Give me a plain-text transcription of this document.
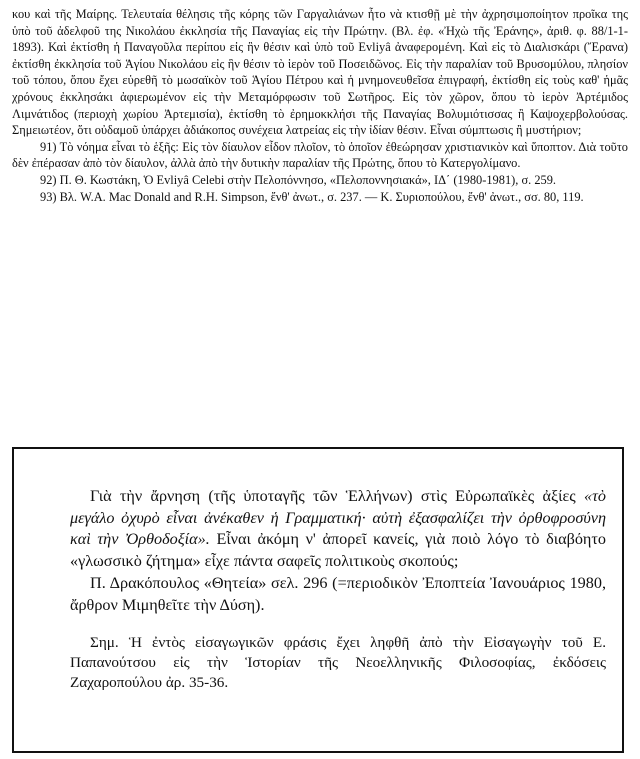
κου καὶ τῆς Μαίρης. Τελευταία θέλησις τῆς κόρης τῶν Γαργαλιάνων ἦτο νὰ κτισθῇ μὲ τὴν ἀχρησιμοποίητον προῖκα της ὑπὸ τοῦ ἀδελφοῦ της Νικολάου ἐκκλησία τῆς Παναγίας εἰς τὴν Πρώτην. (Βλ. ἐφ. «Ἠχὼ τῆς Ἐράνης», ἀριθ. φ. 88/1-1-1893). Καὶ ἐκτίσθη ἡ Παναγοῦλα περίπου εἰς ἣν θέσιν καὶ ὑπὸ τοῦ Evliyâ ἀναφερομένη. Καὶ εἰς τὸ Διαλισκάρι (Ἔρανα) ἐκτίσθη ἐκκλησία τοῦ Ἁγίου Νικολάου εἰς ἣν θέσιν τὸ ἱερὸν τοῦ Ποσειδῶνος. Εἰς τὴν παραλίαν τοῦ Βρυσομύλου, πλησίον τοῦ τόπου, ὅπου ἔχει εὑρεθῆ τὸ μωσαϊκὸν τοῦ Ἁγίου Πέτρου καὶ ἡ μνημονευθεῖσα ἐπιγραφή, ἐκτίσθη εἰς τοὺς καθ' ἡμᾶς χρόνους ἐκκλησάκι ἀφιερωμένον εἰς τὴν Μεταμόρφωσιν τοῦ Σωτῆρος. Εἰς τὸν χῶρον, ὅπου τὸ ἱερὸν Ἀρτέμιδος Λιμνάτιδος (περιοχὴ χωρίου Ἀρτεμισία), ἐκτίσθη τὸ ἐρημοκκλήσι τῆς Παναγίας Βολυμιότισσας ἢ Καψοχερβολούσας. Σημειωτέον, ὅτι οὐδαμοῦ ὑπάρχει ἀδιάκοπος συνέχεια λατρείας εἰς τὴν ἰδίαν θέσιν. Εἶναι σύμπτωσις ἢ μυστήριον;

91) Τὸ νόημα εἶναι τὸ ἑξῆς: Εἰς τὸν δίαυλον εἶδον πλοῖον, τὸ ὁποῖον ἐθεώρησαν χριστιανικὸν καὶ ὕποπτον. Διὰ τοῦτο δὲν ἐπέρασαν ἀπὸ τὸν δίαυλον, ἀλλὰ ἀπὸ τὴν δυτικὴν παραλίαν τῆς Πρώτης, ὅπου τὸ Κατεργολίμανο.

92) Π. Θ. Κωστάκη, Ὁ Evliyâ Celebi στὴν Πελοπόννησο, «Πελοποννησιακά», ΙΔ΄ (1980-1981), σ. 259.

93) Βλ. W.A. Mac Donald and R.H. Simpson, ἔνθ' ἀνωτ., σ. 237. — Κ. Συριοπούλου, ἔνθ' ἀνωτ., σσ. 80, 119.

Γιὰ τὴν ἄρνηση (τῆς ὑποταγῆς τῶν Ἑλλήνων) στὶς Εὐρωπαϊκὲς ἀξίες «τὸ μεγάλο ὀχυρὸ εἶναι ἀνέκαθεν ἡ Γραμματική· αὐτὴ ἐξασφαλίζει τὴν ὀρθοφροσύνη καὶ τὴν Ὀρθοδοξία». Εἶναι ἀκόμη ν' ἀπορεῖ κανείς, γιὰ ποιὸ λόγο τὸ διαβόητο «γλωσσικὸ ζήτημα» εἶχε πάντα σαφεῖς πολιτικοὺς σκοπούς;

Π. Δρακόπουλος «Θητεία» σελ. 296 (=περιοδικὸν Ἐποπτεία Ἰανουάριος 1980, ἄρθρον Μιμηθεῖτε τὴν Δύση).

Σημ. Ἡ ἐντὸς εἰσαγωγικῶν φράσις ἔχει ληφθῆ ἀπὸ τὴν Εἰσαγωγὴν τοῦ Ε. Παπανούτσου εἰς τὴν Ἱστορίαν τῆς Νεοελληνικῆς Φιλοσοφίας, ἐκδόσεις Ζαχαροπούλου ἀρ. 35-36.
